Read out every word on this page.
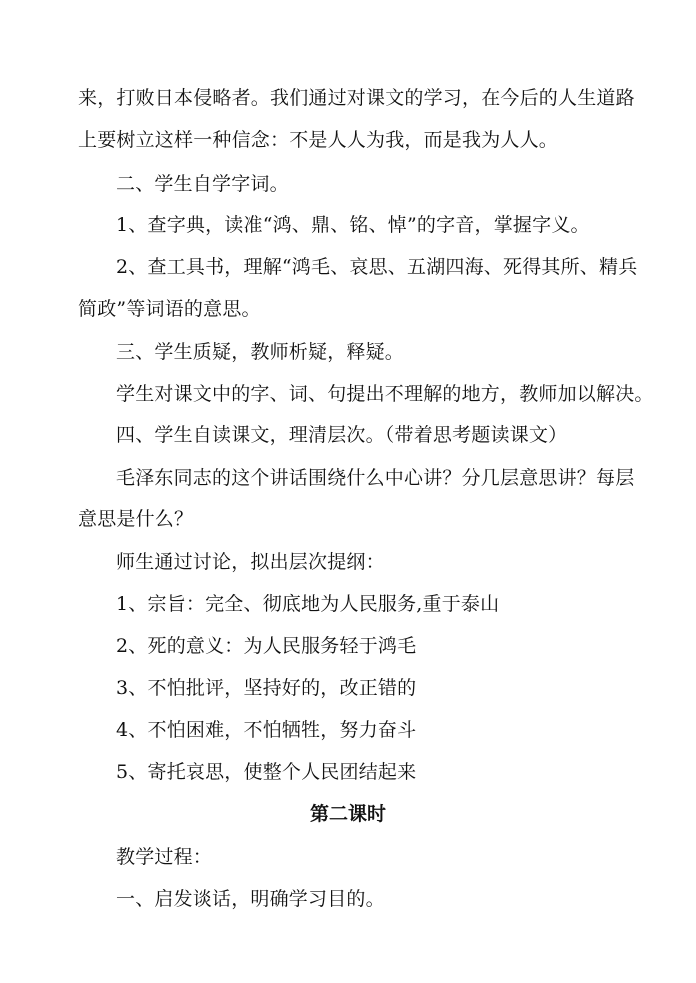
来，打败日本侵略者。我们通过对课文的学习，在今后的人生道路
上要树立这样一种信念：不是人人为我，而是我为人人。
二、学生自学字词。
1、查字典，读准“鸿、鼎、铭、悼”的字音，掌握字义。
2、查工具书，理解“鸿毛、哀思、五湖四海、死得其所、精兵
简政”等词语的意思。
三、学生质疑，教师析疑，释疑。
学生对课文中的字、词、句提出不理解的地方，教师加以解决。
四、学生自读课文，理清层次。（带着思考题读课文）
毛泽东同志的这个讲话围绕什么中心讲？分几层意思讲？每层
意思是什么？
师生通过讨论，拟出层次提纲：
1、宗旨：完全、彻底地为人民服务,重于泰山
2、死的意义：为人民服务轻于鸿毛
3、不怕批评，坚持好的，改正错的
4、不怕困难，不怕牺牲，努力奋斗
5、寄托哀思，使整个人民团结起来
第二课时
教学过程：
一、启发谈话，明确学习目的。
